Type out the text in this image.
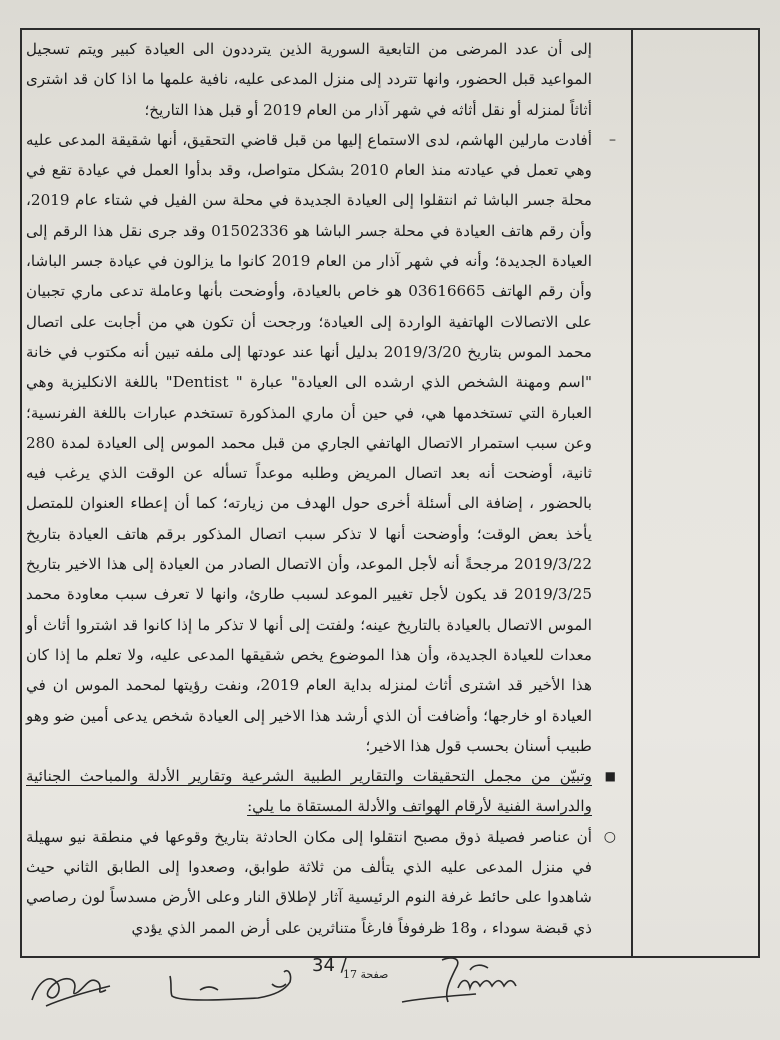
إلى أن عدد المرضى من التابعية السورية الذين يترددون الى العيادة كبير ويتم تسجيل المواعيد قبل الحضور، وانها تتردد إلى منزل المدعى عليه، نافية علمها ما اذا كان قد اشترى أثاثاً لمنزله أو نقل أثاثه في شهر آذار من العام 2019 أو قبل هذا التاريخ؛

–
أفادت مارلين الهاشم، لدى الاستماع إليها من قبل قاضي التحقيق، أنها شقيقة المدعى عليه وهي تعمل في عيادته منذ العام 2010 بشكل متواصل، وقد بدأوا العمل في عيادة تقع في محلة جسر الباشا ثم انتقلوا إلى العيادة الجديدة في محلة سن الفيل في شتاء عام 2019، وأن رقم هاتف العيادة في محلة جسر الباشا هو 01502336 وقد جرى نقل هذا الرقم إلى العيادة الجديدة؛ وأنه في شهر آذار من العام 2019 كانوا ما يزالون في عيادة جسر الباشا، وأن رقم الهاتف 03616665 هو خاص بالعيادة، وأوضحت بأنها وعاملة تدعى ماري تجبيان على الاتصالات الهاتفية الواردة إلى العيادة؛ ورجحت أن تكون هي من أجابت على اتصال محمد الموس بتاريخ 2019/3/20 بدليل أنها عند عودتها إلى ملفه تبين أنه مكتوب في خانة "اسم ومهنة الشخص الذي ارشده الى العيادة" عبارة " Dentist" باللغة الانكليزية وهي العبارة التي تستخدمها هي، في حين أن ماري المذكورة تستخدم عبارات باللغة الفرنسية؛ وعن سبب استمرار الاتصال الهاتفي الجاري من قبل محمد الموس إلى العيادة لمدة 280 ثانية، أوضحت أنه بعد اتصال المريض وطلبه موعداً تسأله عن الوقت الذي يرغب فيه بالحضور ، إضافة الى أسئلة أخرى حول الهدف من زيارته؛ كما أن إعطاء العنوان للمتصل يأخذ بعض الوقت؛ وأوضحت أنها لا تذكر سبب اتصال المذكور برقم هاتف العيادة بتاريخ 2019/3/22 مرجحةً أنه لأجل الموعد، وأن الاتصال الصادر من العيادة إلى هذا الاخير بتاريخ 2019/3/25 قد يكون لأجل تغيير الموعد لسبب طارئ، وانها لا تعرف سبب معاودة محمد الموس الاتصال بالعيادة بالتاريخ عينه؛ ولفتت إلى أنها لا تذكر ما إذا كانوا قد اشتروا أثاث أو معدات للعيادة الجديدة، وأن هذا الموضوع يخص شقيقها المدعى عليه، ولا تعلم ما إذا كان هذا الأخير قد اشترى أثاث لمنزله بداية العام 2019، ونفت رؤيتها لمحمد الموس ان في العيادة او خارجها؛ وأضافت أن الذي أرشد هذا الاخير إلى العيادة شخص يدعى أمين ضو وهو طبيب أسنان بحسب قول هذا الاخير؛

■
وتبيّن من مجمل التحقيقات والتقارير الطبية الشرعية وتقارير الأدلة والمباحث الجنائية والدراسة الفنية لأرقام الهواتف والأدلة المستقاة ما يلي:

○
أن عناصر فصيلة ذوق مصبح انتقلوا إلى مكان الحادثة بتاريخ وقوعها في منطقة نيو سهيلة في منزل المدعى عليه الذي يتألف من ثلاثة طوابق، وصعدوا إلى الطابق الثاني حيث شاهدوا على حائط غرفة النوم الرئيسية آثار لإطلاق النار وعلى الأرض مسدساً لون رصاصي ذي قبضة سوداء ، و18 ظرفوفاً فارغاً متناثرين على أرض الممر الذي يؤدي

34 /
صفحة 17
